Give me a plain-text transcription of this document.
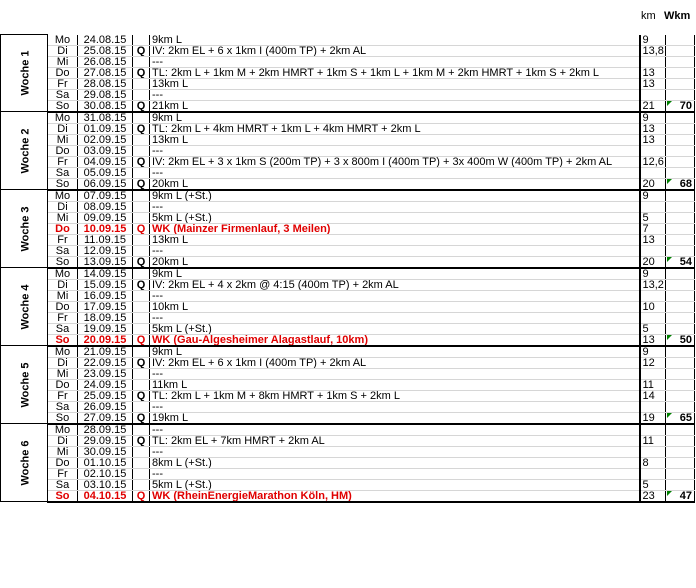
km Wkm
Woche 1	Mo	24.08.15		9km L	9	
	Di	25.08.15	Q	IV: 2km EL + 6 x 1km I (400m TP) + 2km AL	13,8	
	Mi	26.08.15		---		
	Do	27.08.15	Q	TL: 2km L + 1km M + 2km HMRT + 1km S + 1km L + 1km M + 2km HMRT + 1km S + 2km L	13	
	Fr	28.08.15		13km L	13	
	Sa	29.08.15		---		
	So	30.08.15	Q	21km L	21	70
Woche 2	Mo	31.08.15		9km L	9	
	Di	01.09.15	Q	TL: 2km L + 4km HMRT + 1km L + 4km HMRT + 2km L	13	
	Mi	02.09.15		13km L	13	
	Do	03.09.15		---		
	Fr	04.09.15	Q	IV: 2km EL + 3 x 1km S (200m TP) + 3 x 800m I (400m TP) + 3x 400m W (400m TP) + 2km AL	12,6	
	Sa	05.09.15		---		
	So	06.09.15	Q	20km L	20	68
Woche 3	Mo	07.09.15		9km L (+St.)	9	
	Di	08.09.15		---		
	Mi	09.09.15		5km L (+St.)	5	
	Do	10.09.15	Q	WK (Mainzer Firmenlauf, 3 Meilen)	7	
	Fr	11.09.15		13km L	13	
	Sa	12.09.15		---		
	So	13.09.15	Q	20km L	20	54
Woche 4	Mo	14.09.15		9km L	9	
	Di	15.09.15	Q	IV: 2km EL + 4 x 2km @ 4:15 (400m TP) + 2km AL	13,2	
	Mi	16.09.15		---		
	Do	17.09.15		10km L	10	
	Fr	18.09.15		---		
	Sa	19.09.15		5km L (+St.)	5	
	So	20.09.15	Q	WK (Gau-Algesheimer Alagastlauf, 10km)	13	50
Woche 5	Mo	21.09.15		9km L	9	
	Di	22.09.15	Q	IV: 2km EL + 6 x 1km I (400m TP) + 2km AL	12	
	Mi	23.09.15		---		
	Do	24.09.15		11km L	11	
	Fr	25.09.15	Q	TL: 2km L + 1km M + 8km HMRT + 1km S + 2km L	14	
	Sa	26.09.15		---		
	So	27.09.15	Q	19km L	19	65
Woche 6	Mo	28.09.15		---		
	Di	29.09.15	Q	TL: 2km EL + 7km HMRT + 2km AL	11	
	Mi	30.09.15		---		
	Do	01.10.15		8km L (+St.)	8	
	Fr	02.10.15		---		
	Sa	03.10.15		5km L (+St.)	5	
	So	04.10.15	Q	WK (RheinEnergieMarathon Köln, HM)	23	47
